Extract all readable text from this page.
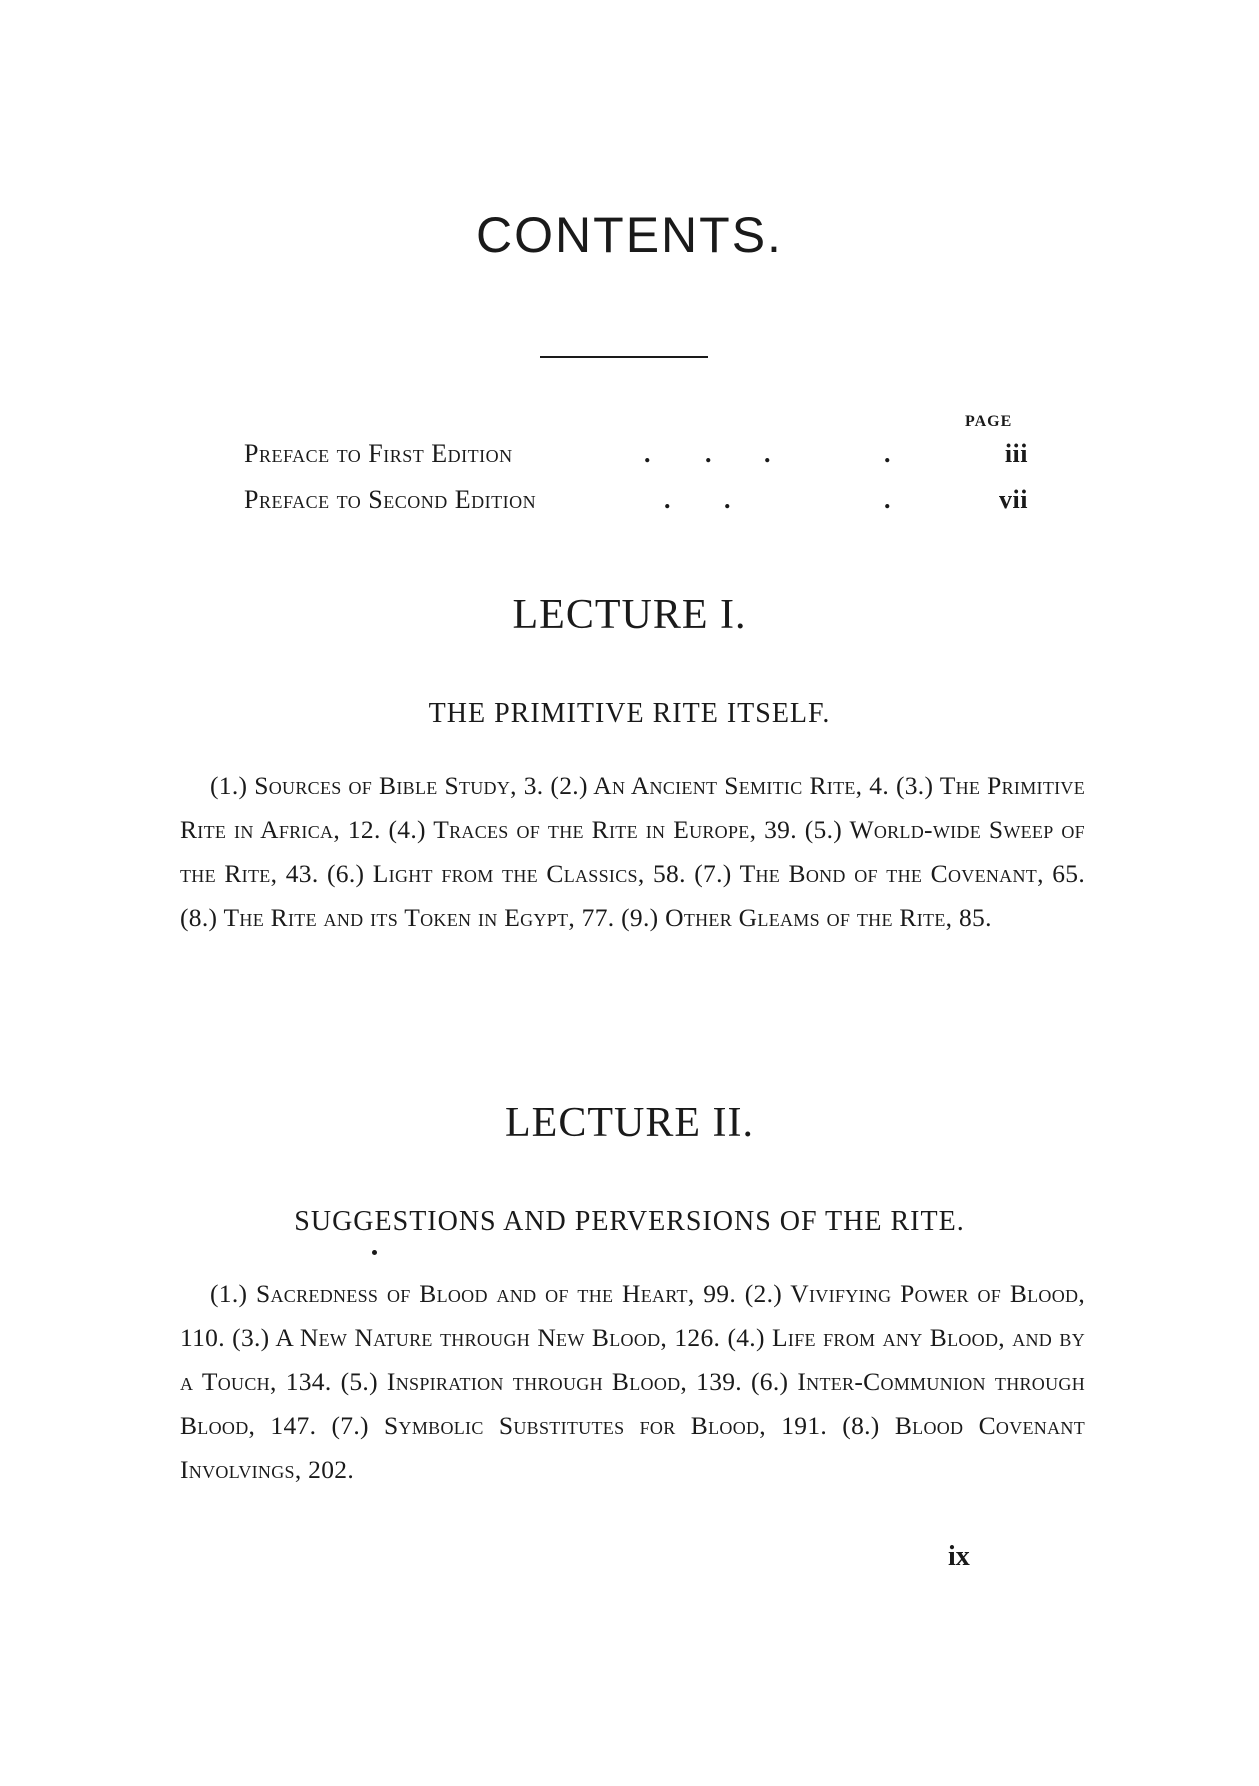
CONTENTS.
PAGE
Preface to First Edition	. . .	.	iii
Preface to Second Edition	. .	.	vii
LECTURE I.
THE PRIMITIVE RITE ITSELF.
(1.) Sources of Bible Study, 3. (2.) An Ancient Semitic Rite, 4. (3.) The Primitive Rite in Africa, 12. (4.) Traces of the Rite in Europe, 39. (5.) World-wide Sweep of the Rite, 43. (6.) Light from the Classics, 58. (7.) The Bond of the Covenant, 65. (8.) The Rite and its Token in Egypt, 77. (9.) Other Gleams of the Rite, 85.
LECTURE II.
SUGGESTIONS AND PERVERSIONS OF THE RITE.
(1.) Sacredness of Blood and of the Heart, 99. (2.) Vivifying Power of Blood, 110. (3.) A New Nature through New Blood, 126. (4.) Life from any Blood, and by a Touch, 134. (5.) Inspiration through Blood, 139. (6.) Inter-Communion through Blood, 147. (7.) Symbolic Substitutes for Blood, 191. (8.) Blood Covenant Involvings, 202.
ix
